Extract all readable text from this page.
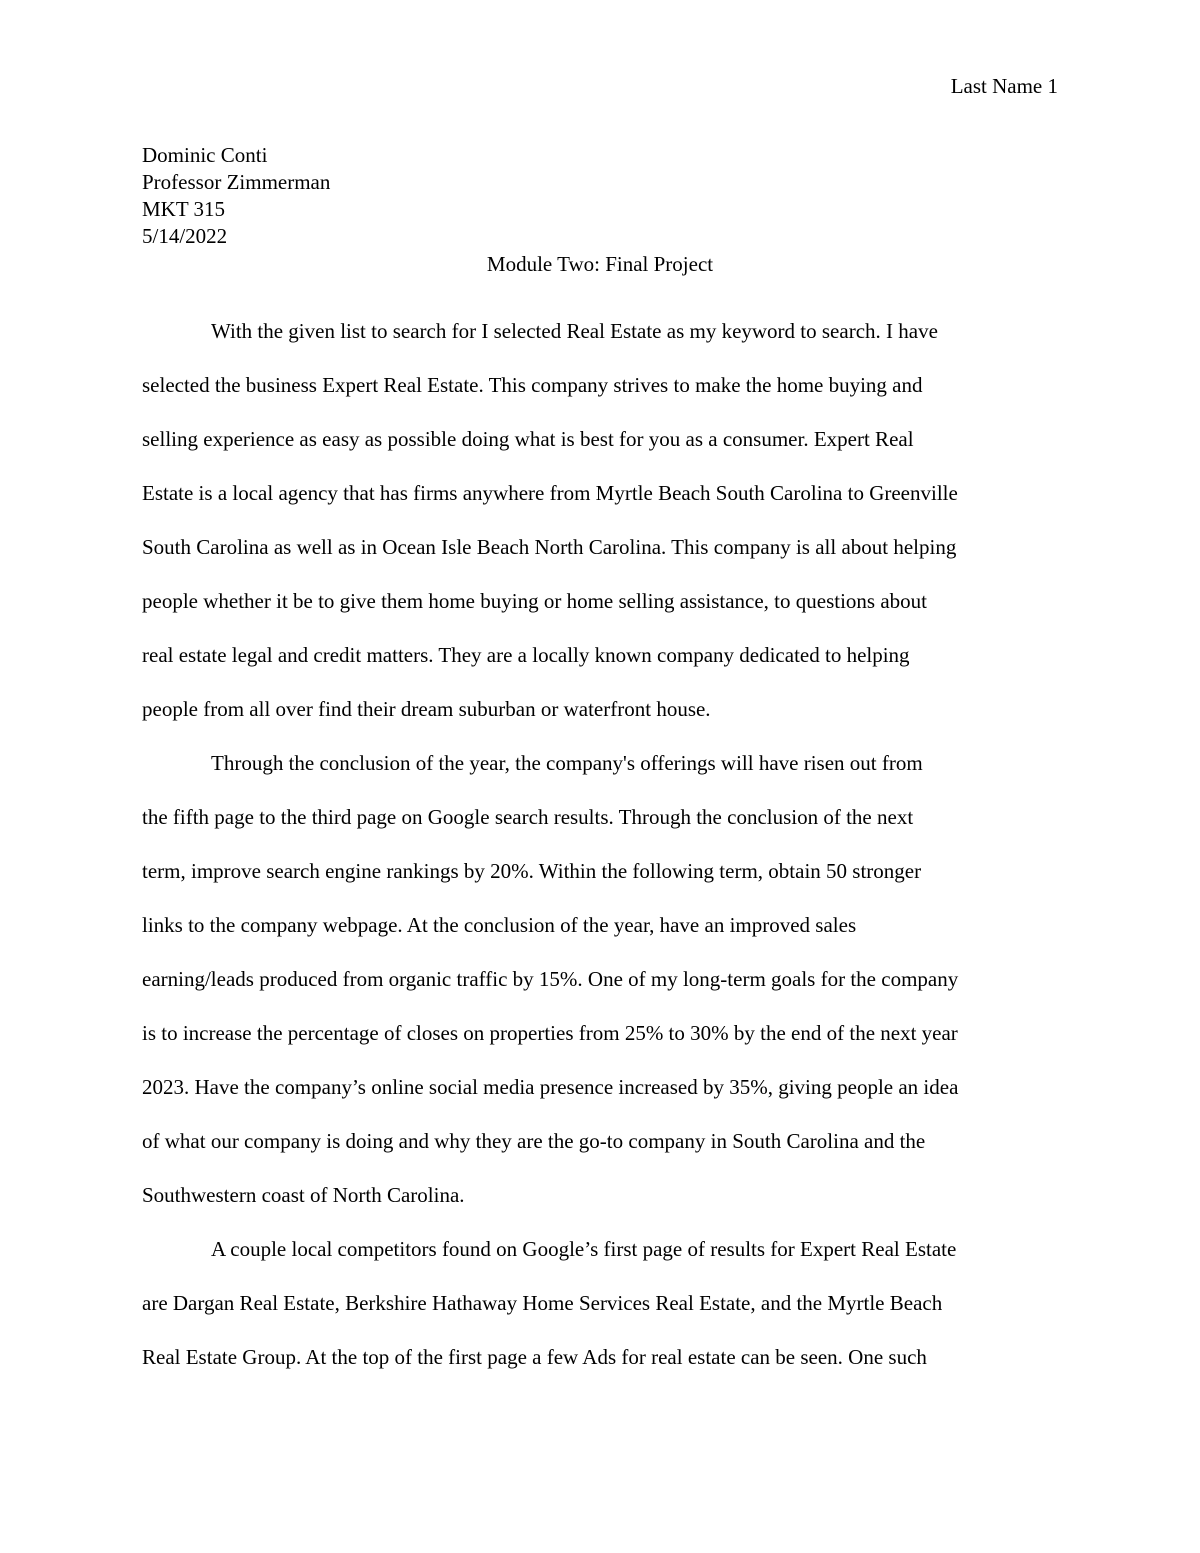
Last Name 1
Dominic Conti
Professor Zimmerman
MKT 315
5/14/2022
Module Two: Final Project
With the given list to search for I selected Real Estate as my keyword to search. I have
selected the business Expert Real Estate. This company strives to make the home buying and
selling experience as easy as possible doing what is best for you as a consumer. Expert Real
Estate is a local agency that has firms anywhere from Myrtle Beach South Carolina to Greenville
South Carolina as well as in Ocean Isle Beach North Carolina. This company is all about helping
people whether it be to give them home buying or home selling assistance, to questions about
real estate legal and credit matters. They are a locally known company dedicated to helping
people from all over find their dream suburban or waterfront house.
Through the conclusion of the year, the company's offerings will have risen out from
the fifth page to the third page on Google search results. Through the conclusion of the next
term, improve search engine rankings by 20%. Within the following term, obtain 50 stronger
links to the company webpage. At the conclusion of the year, have an improved sales
earning/leads produced from organic traffic by 15%. One of my long-term goals for the company
is to increase the percentage of closes on properties from 25% to 30% by the end of the next year
2023. Have the company’s online social media presence increased by 35%, giving people an idea
of what our company is doing and why they are the go-to company in South Carolina and the
Southwestern coast of North Carolina.
A couple local competitors found on Google’s first page of results for Expert Real Estate
are Dargan Real Estate, Berkshire Hathaway Home Services Real Estate, and the Myrtle Beach
Real Estate Group. At the top of the first page a few Ads for real estate can be seen. One such
